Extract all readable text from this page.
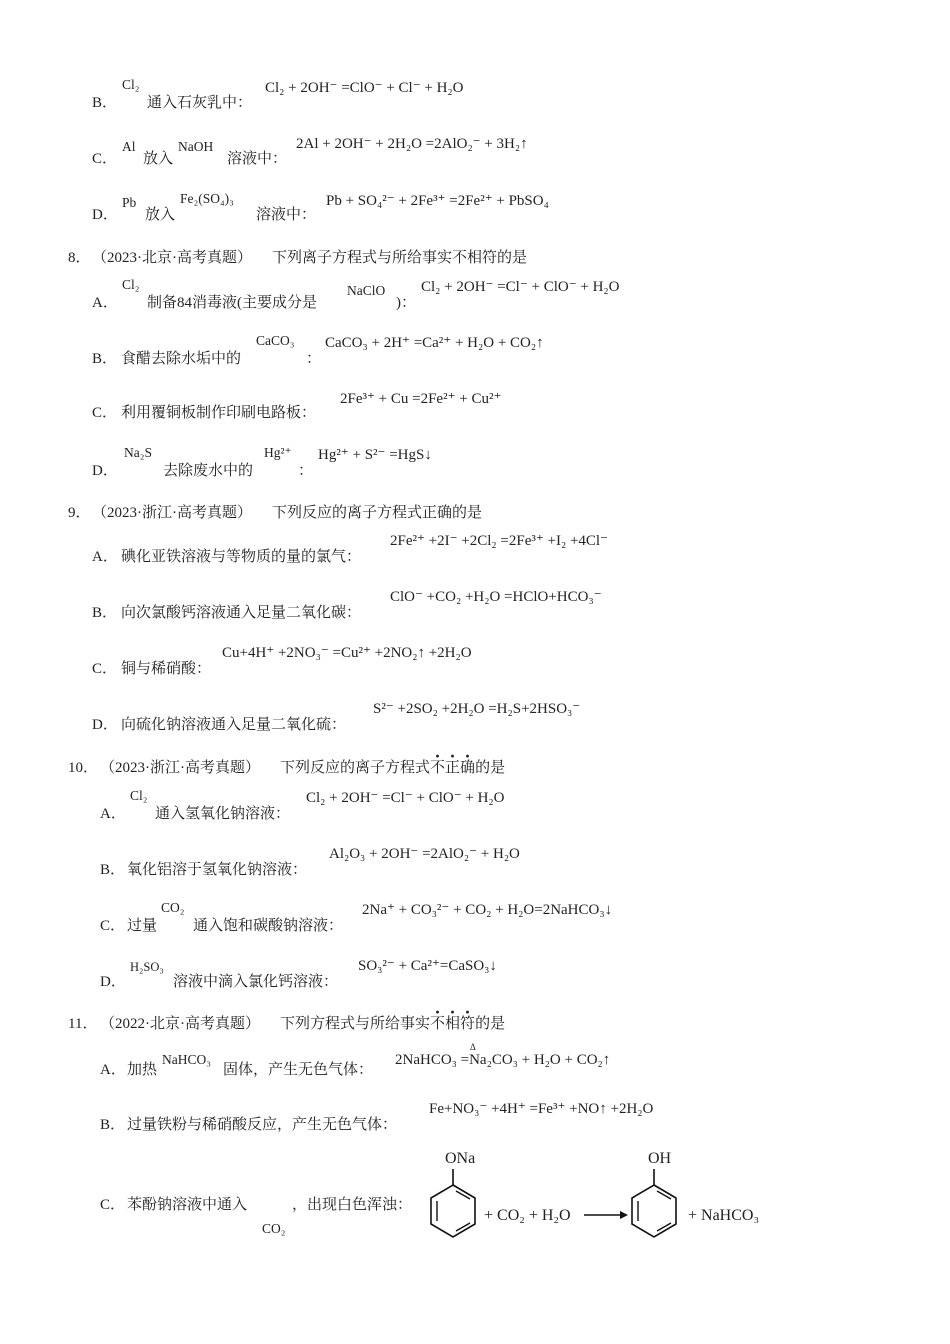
B．
Cl₂
通入石灰乳中：
Cl₂ + 2OH⁻ =ClO⁻ + Cl⁻ + H₂O
C．
Al
放入
NaOH
溶液中：
2Al + 2OH⁻ + 2H₂O =2AlO₂⁻ + 3H₂↑
D．
Pb
放入
Fe₂(SO₄)₃
溶液中：
Pb + SO₄²⁻ + 2Fe³⁺ =2Fe²⁺ + PbSO₄
8． （2023·北京·高考真题） 下列离子方程式与所给事实不相符的是
A．
Cl₂
制备84消毒液(主要成分是
NaClO
)：
Cl₂ + 2OH⁻ =Cl⁻ + ClO⁻ + H₂O
B． 食醋去除水垢中的
CaCO₃
：
CaCO₃ + 2H⁺ =Ca²⁺ + H₂O + CO₂↑
C． 利用覆铜板制作印刷电路板：
2Fe³⁺ + Cu =2Fe²⁺ + Cu²⁺
D．
Na₂S
去除废水中的
Hg²⁺
：
Hg²⁺ + S²⁻ =HgS↓
9． （2023·浙江·高考真题） 下列反应的离子方程式正确的是
A． 碘化亚铁溶液与等物质的量的氯气：
2Fe²⁺ +2I⁻ +2Cl₂ =2Fe³⁺ +I₂ +4Cl⁻
B． 向次氯酸钙溶液通入足量二氧化碳：
ClO⁻ +CO₂ +H₂O =HClO+HCO₃⁻
C． 铜与稀硝酸：
Cu+4H⁺ +2NO₃⁻ =Cu²⁺ +2NO₂↑ +2H₂O
D． 向硫化钠溶液通入足量二氧化硫：
S²⁻ +2SO₂ +2H₂O =H₂S+2HSO₃⁻
10． （2023·浙江·高考真题） 下列反应的离子方程式不正确的是
A．
Cl₂
通入氢氧化钠溶液：
Cl₂ + 2OH⁻ =Cl⁻ + ClO⁻ + H₂O
B． 氧化铝溶于氢氧化钠溶液：
Al₂O₃ + 2OH⁻ =2AlO₂⁻ + H₂O
C． 过量
CO₂
通入饱和碳酸钠溶液：
2Na⁺ + CO₃²⁻ + CO₂ + H₂O=2NaHCO₃↓
D．
H₂SO₃
溶液中滴入氯化钙溶液：
SO₃²⁻ + Ca²⁺=CaSO₃↓
11． （2022·北京·高考真题） 下列方程式与所给事实不相符的是
A． 加热
NaHCO₃
固体，产生无色气体：
Δ
2NaHCO₃ =Na₂CO₃ + H₂O + CO₂↑
B． 过量铁粉与稀硝酸反应，产生无色气体：
Fe+NO₃⁻ +4H⁺ =Fe³⁺ +NO↑ +2H₂O
C． 苯酚钠溶液中通入
CO₂
，出现白色浑浊：
ONa
+ CO₂ + H₂O
OH
+ NaHCO₃
